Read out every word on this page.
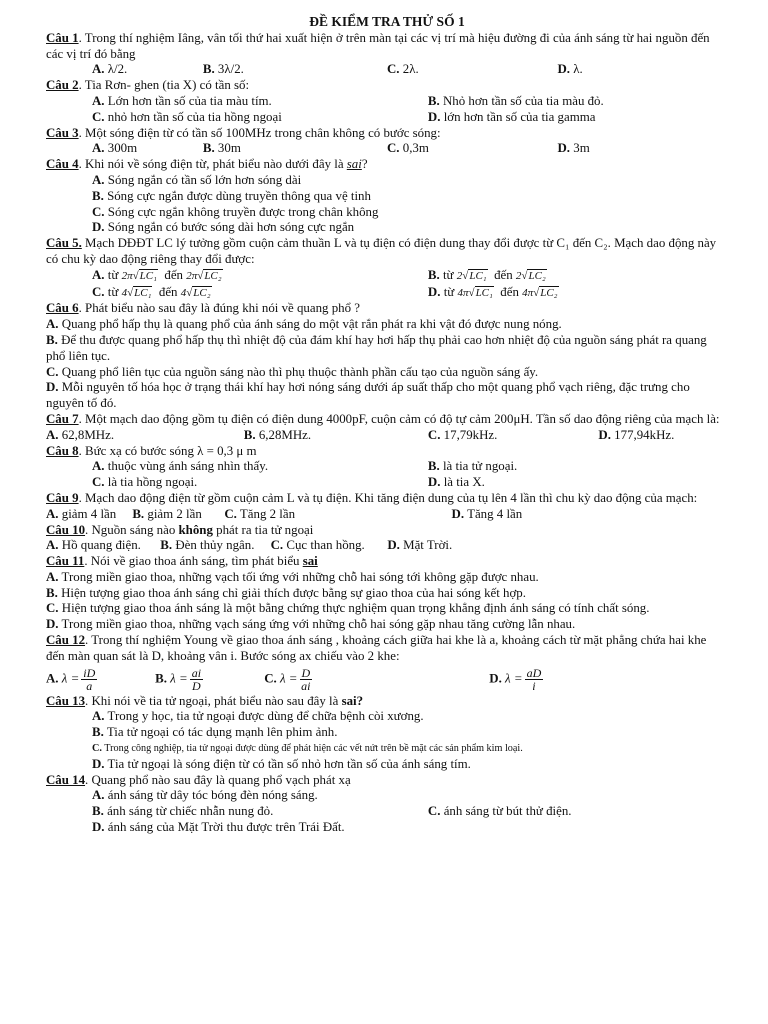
ĐỀ KIỂM TRA THỬ SỐ 1
Câu 1. Trong thí nghiệm Iâng, vân tối thứ hai xuất hiện ở trên màn tại các vị trí mà hiệu đường đi của ánh sáng từ hai nguồn đến các vị trí đó bằng
A. λ/2.	B. 3λ/2.	C. 2λ.	D. λ.
Câu 2. Tia Rơn- ghen (tia X) có tần số:
A. Lớn hơn tần số của tia màu tím.	B. Nhỏ hơn tần số của tia màu đỏ.
C. nhỏ hơn tần số của tia hồng ngoại	D. lớn hơn tần số của tia gamma
Câu 3. Một sóng điện từ có tần số 100MHz trong chân không có bước sóng:
A. 300m	B. 30m	C. 0,3m	D. 3m
Câu 4. Khi nói về sóng điện từ, phát biểu nào dưới đây là sai?
A. Sóng ngắn có tần số lớn hơn sóng dài
B. Sóng cực ngắn được dùng truyền thông qua vệ tinh
C. Sóng cực ngắn không truyền được trong chân không
D. Sóng ngắn có bước sóng dài hơn sóng cực ngắn
Câu 5. Mạch DĐĐT LC lý tưởng gồm cuộn cảm thuần L và tụ điện có điện dung thay đổi được từ C₁ đến C₂. Mạch dao động này có chu kỳ dao động riêng thay đổi được:
A. từ 2π√LC₁ đến 2π√LC₂	B. từ 2√LC₁ đến 2√LC₂
C. từ 4√LC₁ đến 4√LC₂	D. từ 4π√LC₁ đến 4π√LC₂
Câu 6. Phát biểu nào sau đây là đúng khi nói về quang phổ ?
A. Quang phổ hấp thụ là quang phổ của ánh sáng do một vật rắn phát ra khi vật đó được nung nóng.
B. Để thu được quang phổ hấp thụ thì nhiệt độ của đám khí hay hơi hấp thụ phải cao hơn nhiệt độ của nguồn sáng phát ra quang phổ liên tục.
C. Quang phổ liên tục của nguồn sáng nào thì phụ thuộc thành phần cấu tạo của nguồn sáng ấy.
D. Mỗi nguyên tố hóa học ở trạng thái khí hay hơi nóng sáng dưới áp suất thấp cho một quang phổ vạch riêng, đặc trưng cho nguyên tố đó.
Câu 7. Một mạch dao động gồm tụ điện có điện dung 4000pF, cuộn cảm có độ tự cảm 200μH. Tần số dao động riêng của mạch là:
A. 62,8MHz.	B. 6,28MHz.	C. 17,79kHz.	D. 177,94kHz.
Câu 8. Bức xạ có bước sóng λ = 0,3 μ m
A. thuộc vùng ánh sáng nhìn thấy.	B. là tia tử ngoại.
C. là tia hồng ngoại.	D. là tia X.
Câu 9. Mạch dao động điện từ gồm cuộn cảm L và tụ điện. Khi tăng điện dung của tụ lên 4 lần thì chu kỳ dao động của mạch:
A. giảm 4 lần B. giảm 2 lần C. Tăng 2 lần	D. Tăng 4 lần
Câu 10. Nguồn sáng nào không phát ra tia tử ngoại
A. Hồ quang điện. B. Đèn thủy ngân. C. Cục than hồng. D. Mặt Trời.
Câu 11. Nói về giao thoa ánh sáng, tìm phát biểu sai
A. Trong miền giao thoa, những vạch tối ứng với những chỗ hai sóng tới không gặp được nhau.
B. Hiện tượng giao thoa ánh sáng chỉ giải thích được bằng sự giao thoa của hai sóng kết hợp.
C. Hiện tượng giao thoa ánh sáng là một bằng chứng thực nghiệm quan trọng khẳng định ánh sáng có tính chất sóng.
D. Trong miền giao thoa, những vạch sáng ứng với những chỗ hai sóng gặp nhau tăng cường lẫn nhau.
Câu 12. Trong thí nghiệm Young về giao thoa ánh sáng , khoảng cách giữa hai khe là a, khoảng cách từ mặt phẳng chứa hai khe đến màn quan sát là D, khoảng vân i. Bước sóng ax chiếu vào 2 khe:
A. $\lambda = \frac{iD}{a}$	B. $\lambda = \frac{ai}{D}$	C. $\lambda = \frac{D}{ai}$	D. $\lambda = \frac{aD}{i}$
Câu 13. Khi nói về tia tử ngoại, phát biểu nào sau đây là sai?
A. Trong y học, tia tử ngoại được dùng để chữa bệnh còi xương.
B. Tia tử ngoại có tác dụng mạnh lên phim ảnh.
C. Trong công nghiệp, tia tử ngoại được dùng để phát hiện các vết nứt trên bề mặt các sản phẩm kim loại.
D. Tia tử ngoại là sóng điện từ có tần số nhỏ hơn tần số của ánh sáng tím.
Câu 14. Quang phổ nào sau đây là quang phổ vạch phát xạ
A. ánh sáng từ dây tóc bóng đèn nóng sáng.
B. ánh sáng từ chiếc nhẫn nung đỏ.	C. ánh sáng từ bút thử điện.
D. ánh sáng của Mặt Trời thu được trên Trái Đất.
